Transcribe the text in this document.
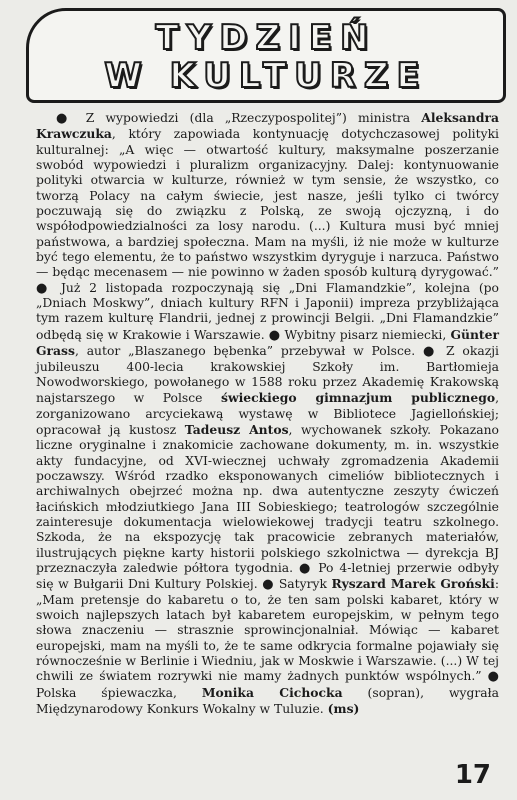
TYDZIEŃ
W KULTURZE

● Z wypowiedzi (dla „Rzeczypospolitej”) ministra Aleksandra Krawczuka, który zapowiada kontynuację dotychczasowej polityki kulturalnej: „A więc — otwartość kultury, maksymalne poszerzanie swobód wypowiedzi i pluralizm organizacyjny. Dalej: kontynuowanie polityki otwarcia w kulturze, również w tym sensie, że wszystko, co tworzą Polacy na całym świecie, jest nasze, jeśli tylko ci twórcy poczuwają się do związku z Polską, ze swoją ojczyzną, i do współodpowiedzialności za losy narodu. (...) Kultura musi być mniej państwowa, a bardziej społeczna. Mam na myśli, iż nie może w kulturze być tego elementu, że to państwo wszystkim dyryguje i narzuca. Państwo — będąc mecenasem — nie powinno w żaden sposób kulturą dyrygować.” ● Już 2 listopada rozpoczynają się „Dni Flamandzkie”, kolejna (po „Dniach Moskwy”, dniach kultury RFN i Japonii) impreza przybliżająca tym razem kulturę Flandrii, jednej z prowincji Belgii. „Dni Flamandzkie” odbędą się w Krakowie i Warszawie. ● Wybitny pisarz niemiecki, Günter Grass, autor „Blaszanego bębenka” przebywał w Polsce. ● Z okazji jubileuszu 400-lecia krakowskiej Szkoły im. Bartłomieja Nowodworskiego, powołanego w 1588 roku przez Akademię Krakowską najstarszego w Polsce świeckiego gimnazjum publicznego, zorganizowano arcyciekawą wystawę w Bibliotece Jagiellońskiej; opracował ją kustosz Tadeusz Antos, wychowanek szkoły. Pokazano liczne oryginalne i znakomicie zachowane dokumenty, m. in. wszystkie akty fundacyjne, od XVI-wiecznej uchwały zgromadzenia Akademii poczawszy. Wśród rzadko eksponowanych cimeliów bibliotecznych i archiwalnych obejrzeć można np. dwa autentyczne zeszyty ćwiczeń łacińskich młodziutkiego Jana III Sobieskiego; teatrologów szczególnie zainteresuje dokumentacja wielowiekowej tradycji teatru szkolnego. Szkoda, że na ekspozycję tak pracowicie zebranych materiałów, ilustrujących piękne karty historii polskiego szkolnictwa — dyrekcja BJ przeznaczyła zaledwie półtora tygodnia. ● Po 4-letniej przerwie odbyły się w Bułgarii Dni Kultury Polskiej. ● Satyryk Ryszard Marek Groński: „Mam pretensje do kabaretu o to, że ten sam polski kabaret, który w swoich najlepszych latach był kabaretem europejskim, w pełnym tego słowa znaczeniu — strasznie sprowincjonalniał. Mówiąc — kabaret europejski, mam na myśli to, że te same odkrycia formalne pojawiały się równocześnie w Berlinie i Wiedniu, jak w Moskwie i Warszawie. (...) W tej chwili ze światem rozrywki nie mamy żadnych punktów wspólnych.” ● Polska śpiewaczka, Monika Cichocka (sopran), wygrała Międzynarodowy Konkurs Wokalny w Tuluzie. (ms)

17
